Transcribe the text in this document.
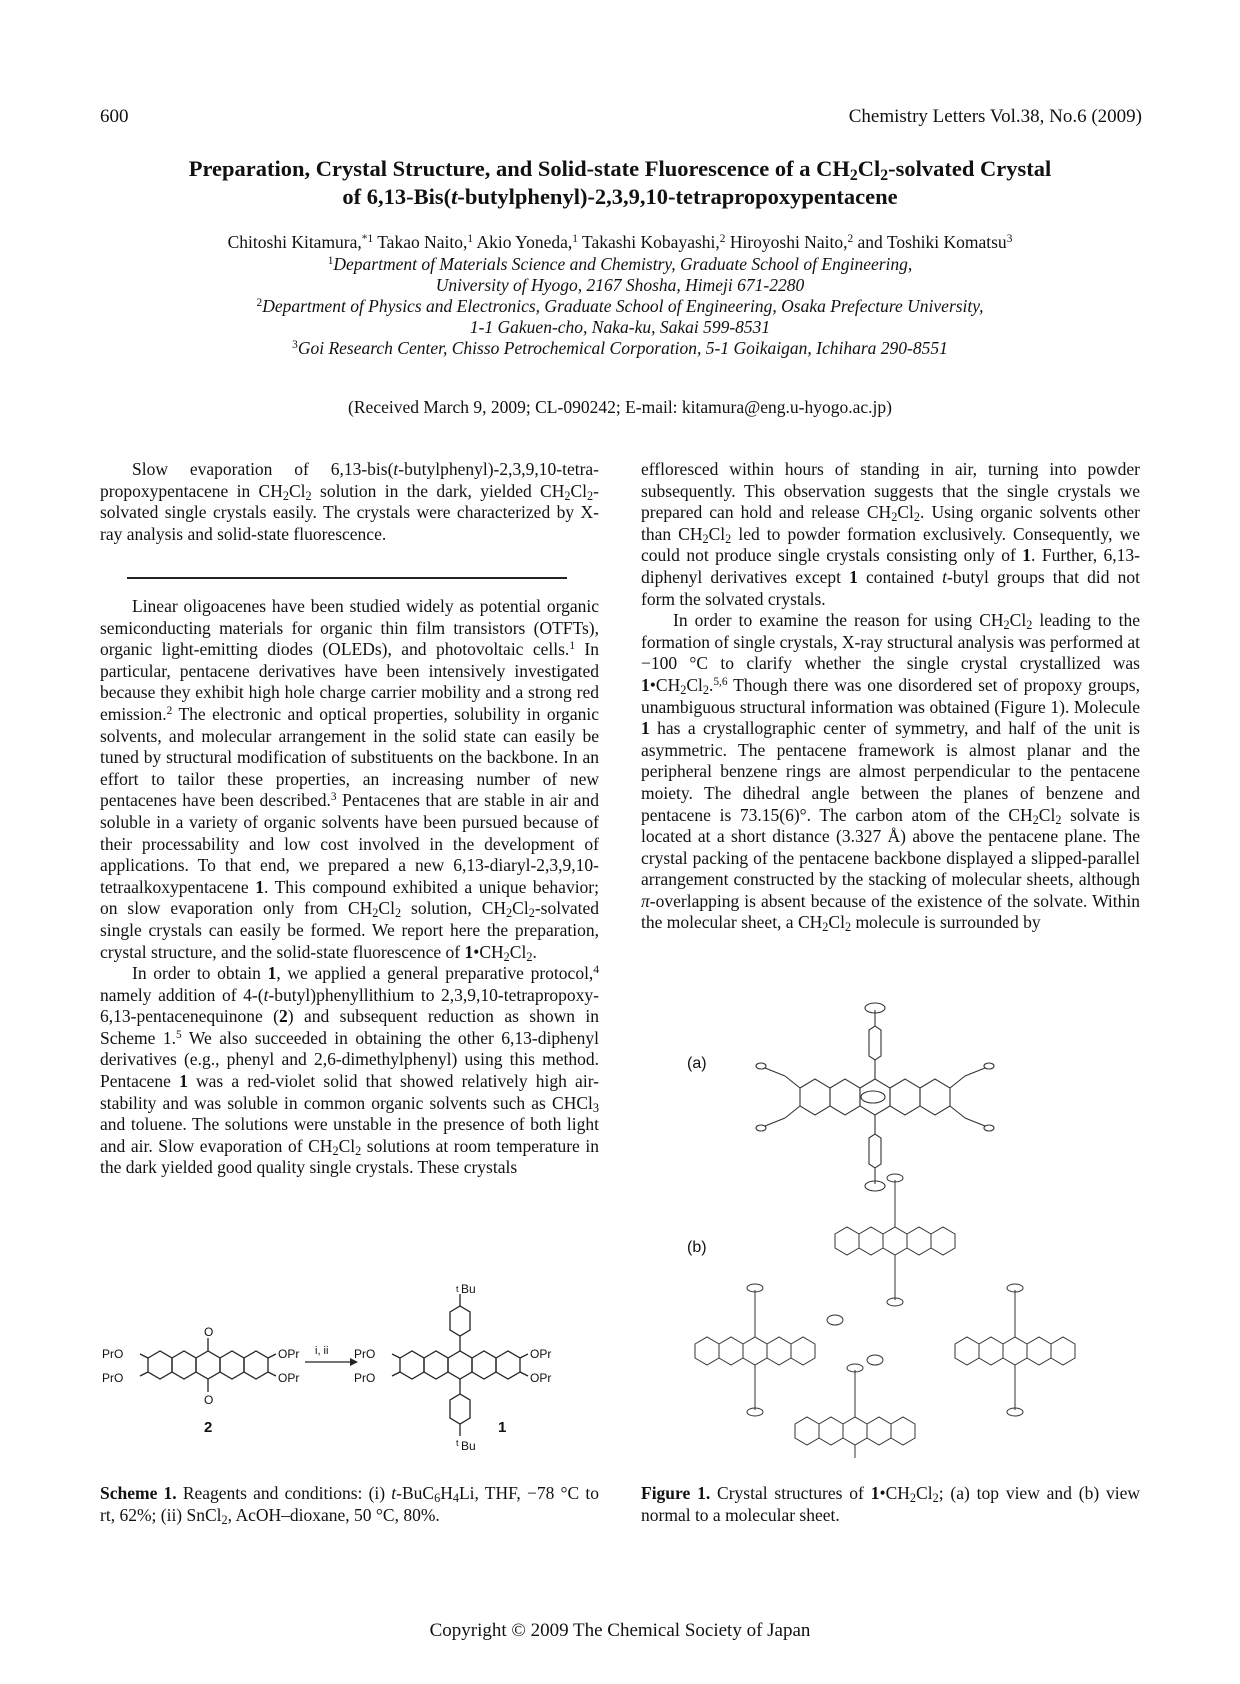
600	Chemistry Letters Vol.38, No.6 (2009)
Preparation, Crystal Structure, and Solid-state Fluorescence of a $CH_2Cl_2$-solvated Crystal
of 6,13-Bis(t-butylphenyl)-2,3,9,10-tetrapropoxypentacene
Chitoshi Kitamura,$^{*1}$ Takao Naito,$^1$ Akio Yoneda,$^1$ Takashi Kobayashi,$^2$ Hiroyoshi Naito,$^2$ and Toshiki Komatsu$^3$
$^1$Department of Materials Science and Chemistry, Graduate School of Engineering,
University of Hyogo, 2167 Shosha, Himeji 671-2280
$^2$Department of Physics and Electronics, Graduate School of Engineering, Osaka Prefecture University,
1-1 Gakuen-cho, Naka-ku, Sakai 599-8531
$^3$Goi Research Center, Chisso Petrochemical Corporation, 5-1 Goikaigan, Ichihara 290-8551
(Received March 9, 2009; CL-090242; E-mail: kitamura@eng.u-hyogo.ac.jp)

Slow evaporation of 6,13-bis(t-butylphenyl)-2,3,9,10-tetra-propoxypentacene in $CH_2Cl_2$ solution in the dark, yielded $CH_2Cl_2$-solvated single crystals easily. The crystals were characterized by X-ray analysis and solid-state fluorescence.

Linear oligoacenes have been studied widely as potential organic semiconducting materials for organic thin film transistors (OTFTs), organic light-emitting diodes (OLEDs), and photovoltaic cells.$^1$ In particular, pentacene derivatives have been intensively investigated because they exhibit high hole charge carrier mobility and a strong red emission.$^2$ The electronic and optical properties, solubility in organic solvents, and molecular arrangement in the solid state can easily be tuned by structural modification of substituents on the backbone. In an effort to tailor these properties, an increasing number of new pentacenes have been described.$^3$ Pentacenes that are stable in air and soluble in a variety of organic solvents have been pursued because of their processability and low cost involved in the development of applications. To that end, we prepared a new 6,13-diaryl-2,3,9,10-tetraalkoxypentacene 1. This compound exhibited a unique behavior; on slow evaporation only from $CH_2Cl_2$ solution, $CH_2Cl_2$-solvated single crystals can easily be formed. We report here the preparation, crystal structure, and the solid-state fluorescence of $1•CH_2Cl_2$.

In order to obtain 1, we applied a general preparative protocol,$^4$ namely addition of 4-(t-butyl)phenyllithium to 2,3,9,10-tetrapropoxy-6,13-pentacenequinone (2) and subsequent reduction as shown in Scheme 1.$^5$ We also succeeded in obtaining the other 6,13-diphenyl derivatives (e.g., phenyl and 2,6-dimethylphenyl) using this method. Pentacene 1 was a red-violet solid that showed relatively high air-stability and was soluble in common organic solvents such as CHCl$_3$ and toluene. The solutions were unstable in the presence of both light and air. Slow evaporation of $CH_2Cl_2$ solutions at room temperature in the dark yielded good quality single crystals. These crystals

effloresced within hours of standing in air, turning into powder subsequently. This observation suggests that the single crystals we prepared can hold and release $CH_2Cl_2$. Using organic solvents other than $CH_2Cl_2$ led to powder formation exclusively. Consequently, we could not produce single crystals consisting only of 1. Further, 6,13-diphenyl derivatives except 1 contained t-butyl groups that did not form the solvated crystals.

In order to examine the reason for using $CH_2Cl_2$ leading to the formation of single crystals, X-ray structural analysis was performed at −100 °C to clarify whether the single crystal crystallized was $1•CH_2Cl_2.^{5,6}$ Though there was one disordered set of propoxy groups, unambiguous structural information was obtained (Figure 1). Molecule 1 has a crystallographic center of symmetry, and half of the unit is asymmetric. The pentacene framework is almost planar and the peripheral benzene rings are almost perpendicular to the pentacene moiety. The dihedral angle between the planes of benzene and pentacene is 73.15(6)°. The carbon atom of the $CH_2Cl_2$ solvate is located at a short distance (3.327 Å) above the pentacene plane. The crystal packing of the pentacene backbone displayed a slipped-parallel arrangement constructed by the stacking of molecular sheets, although π-overlapping is absent because of the existence of the solvate. Within the molecular sheet, a $CH_2Cl_2$ molecule is surrounded by

PrO
PrO
OPr
OPr
O
O
i, ii PrO
PrO
OPr
OPr
t Bu
t Bu
2	1
Scheme 1. Reagents and conditions: (i) $t-BuC_6H_4Li$, THF, −78 °C to rt, 62%; (ii) SnCl$_2$, AcOH–dioxane, 50 °C, 80%.
(a)
(b)
Figure 1. Crystal structures of $1•CH_2Cl_2$; (a) top view and (b) view normal to a molecular sheet.
Copyright © 2009 The Chemical Society of Japan
